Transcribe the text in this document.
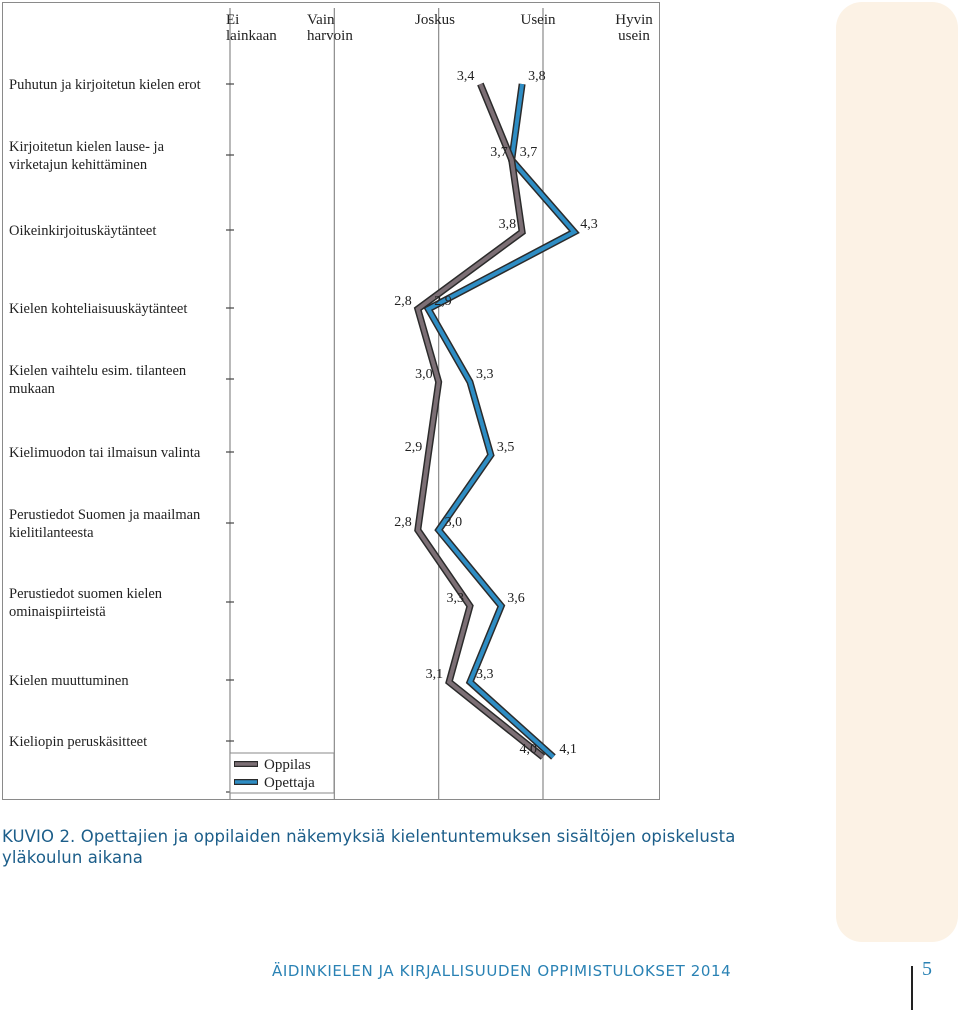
Ei lainkaan
Vain harvoin
Joskus	Usein	Hyvin usein
Puhutun ja kirjoitetun kielen erot
Kirjoitetun kielen lause- ja virketajun kehittäminen
Oikeinkirjoituskäytänteet
Kielen kohteliaisuuskäytänteet
Kielen vaihtelu esim. tilanteen mukaan
Kielimuodon tai ilmaisun valinta
Perustiedot Suomen ja maailman kielitilanteesta
Perustiedot suomen kielen ominaispiirteistä
Kielen muuttuminen
Kieliopin peruskäsitteet
3,4	3,8
3,7 3,7
3,8	4,3
2,8 2,9
3,0	3,3
2,9	3,5
2,8 3,0
3,3	3,6
3,1 3,3
4,0 4,1
Oppilas
Opettaja
KUVIO 2. Opettajien ja oppilaiden näkemyksiä kielentuntemuksen sisältöjen opiskelusta yläkoulun aikana
ÄIDINKIELEN JA KIRJALLISUUDEN OPPIMISTULOKSET 2014	5
